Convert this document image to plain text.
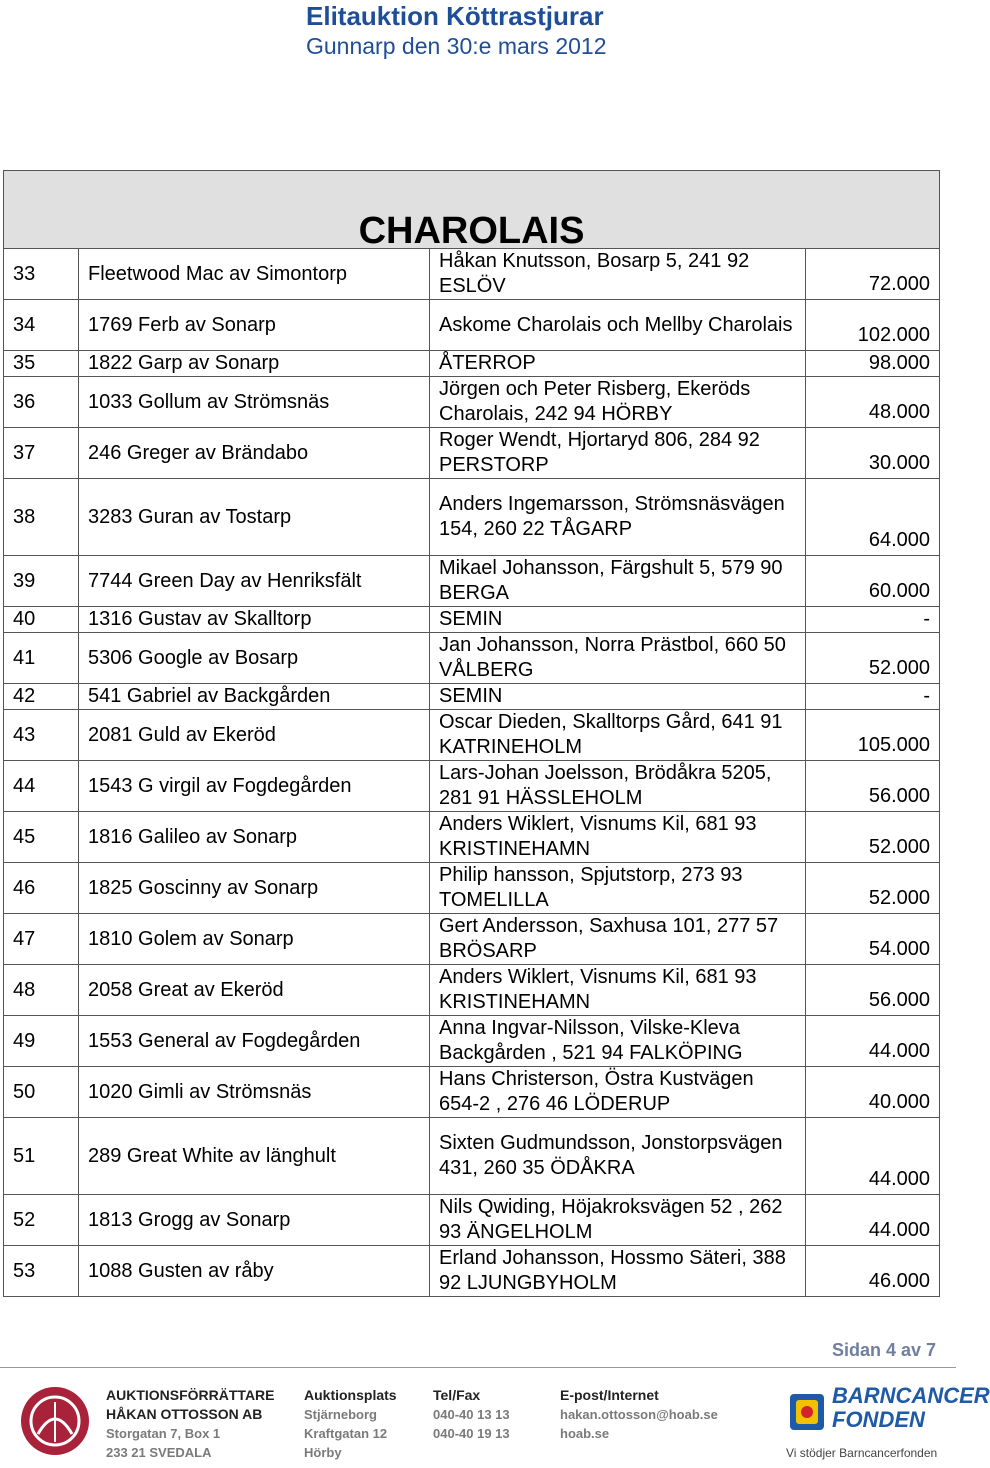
Elitauktion Köttrastjurar
Gunnarp den 30:e mars 2012
CHAROLAIS			
33	Fleetwood Mac av Simontorp	Håkan Knutsson, Bosarp 5, 241 92 ESLÖV	72.000
34	1769 Ferb av Sonarp	Askome Charolais och Mellby Charolais	102.000
35	1822 Garp av Sonarp	ÅTERROP	98.000
36	1033 Gollum av Strömsnäs	Jörgen och Peter Risberg, Ekeröds Charolais, 242 94 HÖRBY	48.000
37	246 Greger av Brändabo	Roger Wendt, Hjortaryd 806, 284 92 PERSTORP	30.000
38	3283 Guran av Tostarp	Anders Ingemarsson, Strömsnäsvägen 154, 260 22 TÅGARP	64.000
39	7744 Green Day av Henriksfält	Mikael Johansson, Färgshult 5, 579 90 BERGA	60.000
40	1316 Gustav av Skalltorp	SEMIN	-
41	5306 Google av Bosarp	Jan Johansson, Norra Prästbol, 660 50 VÅLBERG	52.000
42	541 Gabriel av Backgården	SEMIN	-
43	2081 Guld av Ekeröd	Oscar Dieden, Skalltorps Gård, 641 91 KATRINEHOLM	105.000
44	1543 G virgil av Fogdegården	Lars-Johan Joelsson, Brödåkra 5205, 281 91 HÄSSLEHOLM	56.000
45	1816 Galileo av Sonarp	Anders Wiklert, Visnums Kil, 681 93 KRISTINEHAMN	52.000
46	1825 Goscinny av Sonarp	Philip hansson, Spjutstorp, 273 93 TOMELILLA	52.000
47	1810 Golem av Sonarp	Gert Andersson, Saxhusa 101, 277 57 BRÖSARP	54.000
48	2058 Great av Ekeröd	Anders Wiklert, Visnums Kil, 681 93 KRISTINEHAMN	56.000
49	1553 General av Fogdegården	Anna Ingvar-Nilsson, Vilske-Kleva Backgården , 521 94 FALKÖPING	44.000
50	1020 Gimli av Strömsnäs	Hans Christerson, Östra Kustvägen 654-2 , 276 46 LÖDERUP	40.000
51	289 Great White av länghult	Sixten Gudmundsson, Jonstorpsvägen 431, 260 35 ÖDÅKRA	44.000
52	1813 Grogg av Sonarp	Nils Qwiding, Höjakroksvägen 52 , 262 93 ÄNGELHOLM	44.000
53	1088 Gusten av råby	Erland Johansson, Hossmo Säteri, 388 92 LJUNGBYHOLM	46.000
Sidan 4 av 7
AUKTIONSFÖRRÄTTARE
HÅKAN OTTOSSON AB
Storgatan 7, Box 1
233 21 SVEDALA
Auktionsplats
Stjärneborg
Kraftgatan 12
Hörby
Tel/Fax
040-40 13 13
040-40 19 13
E-post/Internet
hakan.ottosson@hoab.se
hoab.se
BARNCANCER
FONDEN
Vi stödjer Barncancerfonden
